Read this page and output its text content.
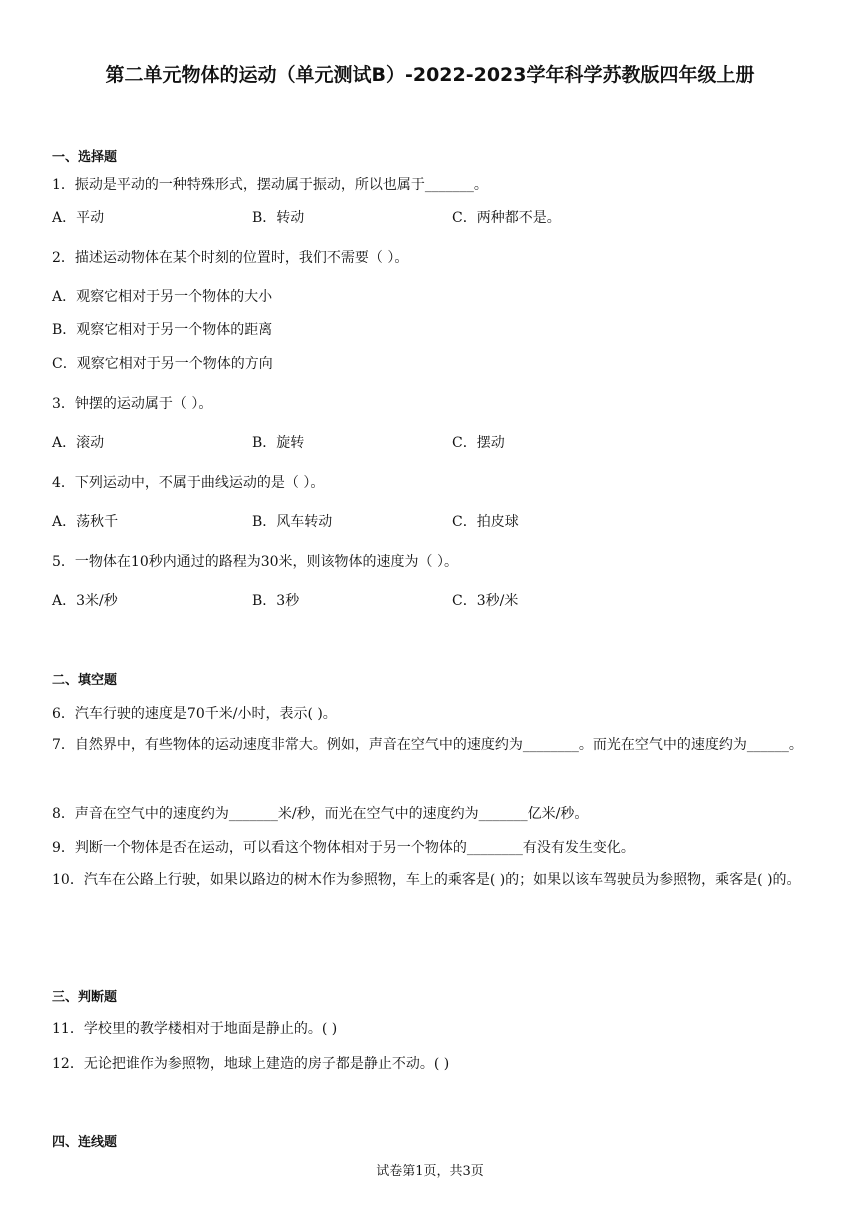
第二单元物体的运动（单元测试B）-2022-2023学年科学苏教版四年级上册
一、选择题
1．振动是平动的一种特殊形式，摆动属于振动，所以也属于_______。
A．平动	B．转动	C．两种都不是。
2．描述运动物体在某个时刻的位置时，我们不需要（ ）。
A．观察它相对于另一个物体的大小
B．观察它相对于另一个物体的距离
C．观察它相对于另一个物体的方向
3．钟摆的运动属于（ ）。
A．滚动	B．旋转	C．摆动
4．下列运动中，不属于曲线运动的是（ ）。
A．荡秋千	B．风车转动	C．拍皮球
5．一物体在10秒内通过的路程为30米，则该物体的速度为（ ）。
A．3米/秒	B．3秒	C．3秒/米
二、填空题
6．汽车行驶的速度是70千米/小时，表示( )。
7．自然界中，有些物体的运动速度非常大。例如，声音在空气中的速度约为________。而光在空气中的速度约为______。
8．声音在空气中的速度约为_______米/秒，而光在空气中的速度约为_______亿米/秒。
9．判断一个物体是否在运动，可以看这个物体相对于另一个物体的________有没有发生变化。
10．汽车在公路上行驶，如果以路边的树木作为参照物，车上的乘客是( )的；如果以该车驾驶员为参照物，乘客是( )的。
三、判断题
11．学校里的教学楼相对于地面是静止的。( )
12．无论把谁作为参照物，地球上建造的房子都是静止不动。( )
四、连线题
试卷第1页，共3页
